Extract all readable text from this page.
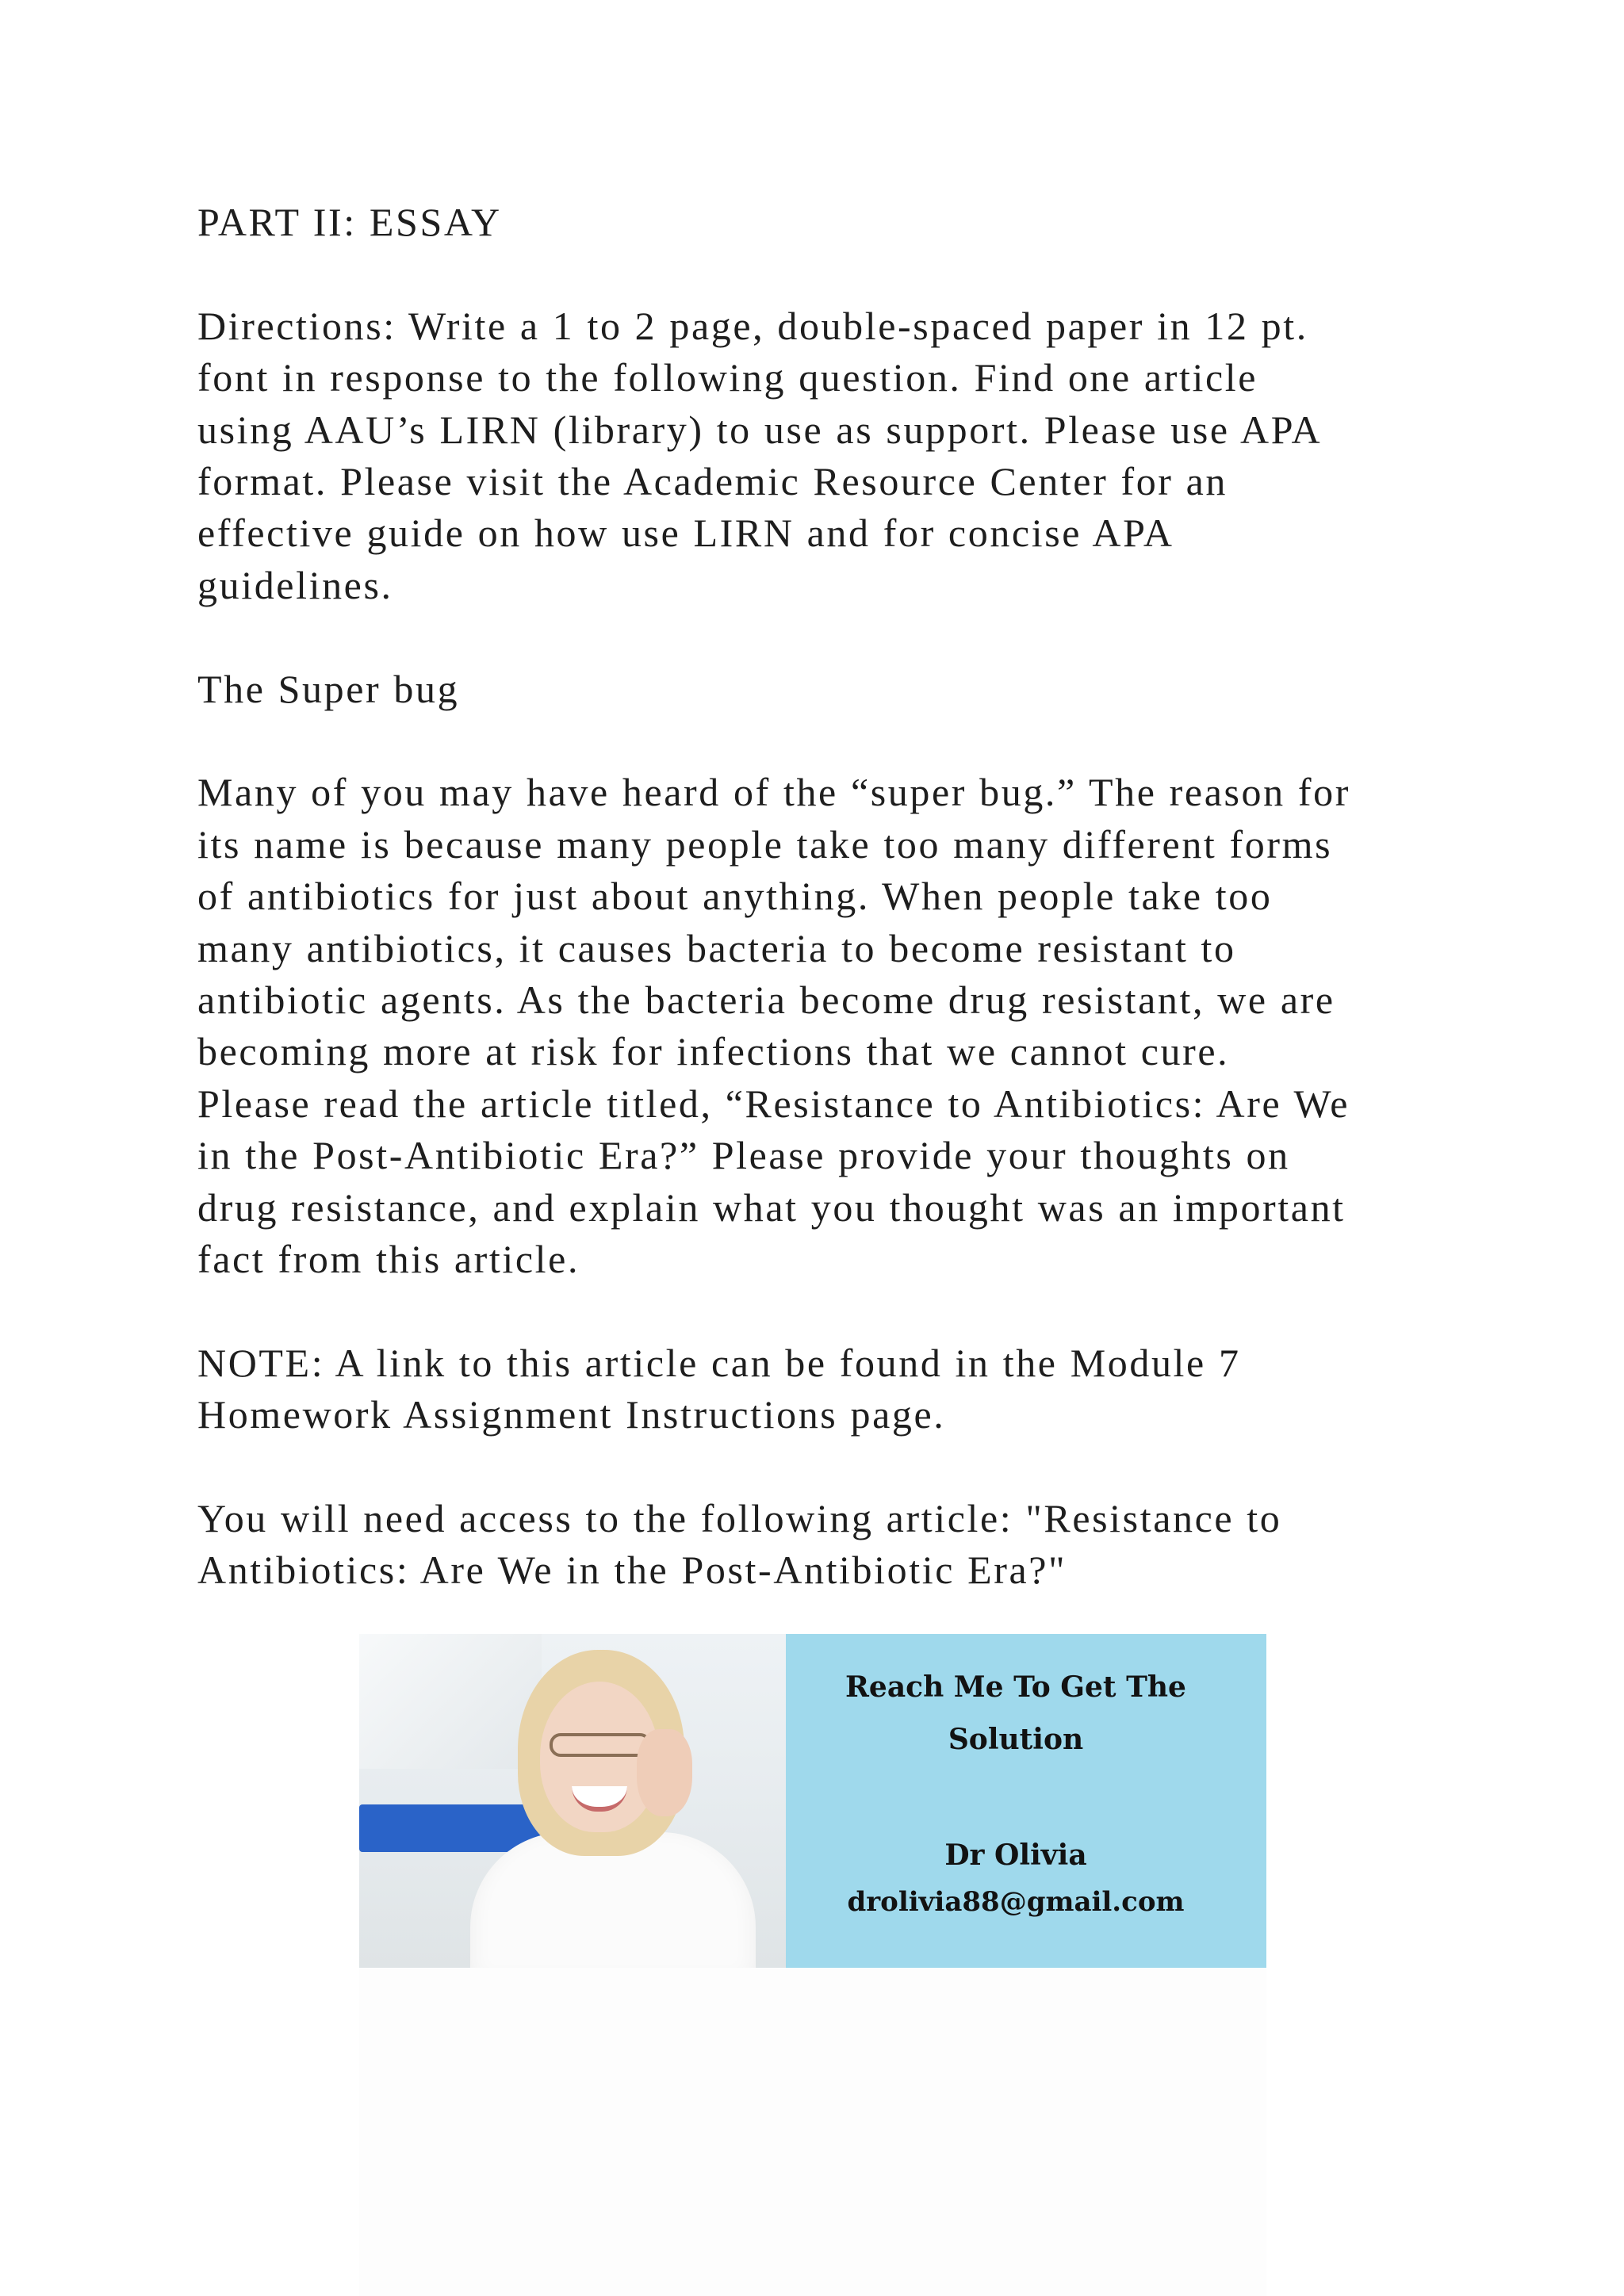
PART II: ESSAY

Directions: Write a 1 to 2 page, double-spaced paper in 12 pt.
font in response to the following question. Find one article
using AAU’s LIRN (library) to use as support. Please use APA
format. Please visit the Academic Resource Center for an
effective guide on how use LIRN and for concise APA
guidelines.

The Super bug

Many of you may have heard of the “super bug.” The reason for
its name is because many people take too many different forms
of antibiotics for just about anything. When people take too
many antibiotics, it causes bacteria to become resistant to
antibiotic agents. As the bacteria become drug resistant, we are
becoming more at risk for infections that we cannot cure.
Please read the article titled, “Resistance to Antibiotics: Are We
in the Post-Antibiotic Era?” Please provide your thoughts on
drug resistance, and explain what you thought was an important
fact from this article.

NOTE: A link to this article can be found in the Module 7
Homework Assignment Instructions page.

You will need access to the following article: "Resistance to
Antibiotics: Are We in the Post-Antibiotic Era?"

Reach Me To Get The
Solution
Dr Olivia
drolivia88@gmail.com
